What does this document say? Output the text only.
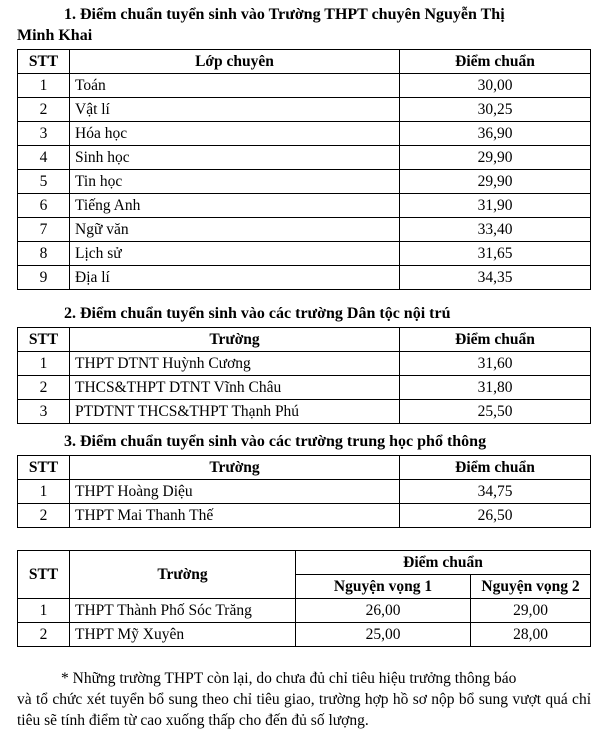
1. Điểm chuẩn tuyển sinh vào Trường THPT chuyên Nguyễn Thị
Minh Khai
STT	Lớp chuyên	Điểm chuẩn
1	Toán	30,00
2	Vật lí	30,25
3	Hóa học	36,90
4	Sinh học	29,90
5	Tin học	29,90
6	Tiếng Anh	31,90
7	Ngữ văn	33,40
8	Lịch sử	31,65
9	Địa lí	34,35
2. Điểm chuẩn tuyển sinh vào các trường Dân tộc nội trú
STT	Trường	Điểm chuẩn
1	THPT DTNT Huỳnh Cương	31,60
2	THCS&THPT DTNT Vĩnh Châu	31,80
3	PTDTNT THCS&THPT Thạnh Phú	25,50
3. Điểm chuẩn tuyển sinh vào các trường trung học phổ thông
STT	Trường	Điểm chuẩn
1	THPT Hoàng Diệu	34,75
2	THPT Mai Thanh Thế	26,50
STT	Trường	Điểm chuẩn	
		Nguyện vọng 1	Nguyện vọng 2
1	THPT Thành Phố Sóc Trăng	26,00	29,00
2	THPT Mỹ Xuyên	25,00	28,00
* Những trường THPT còn lại, do chưa đủ chỉ tiêu hiệu trưởng thông báo
và tổ chức xét tuyển bổ sung theo chỉ tiêu giao, trường hợp hồ sơ nộp bổ sung vượt quá chỉ tiêu sẽ tính điểm từ cao xuống thấp cho đến đủ số lượng.
